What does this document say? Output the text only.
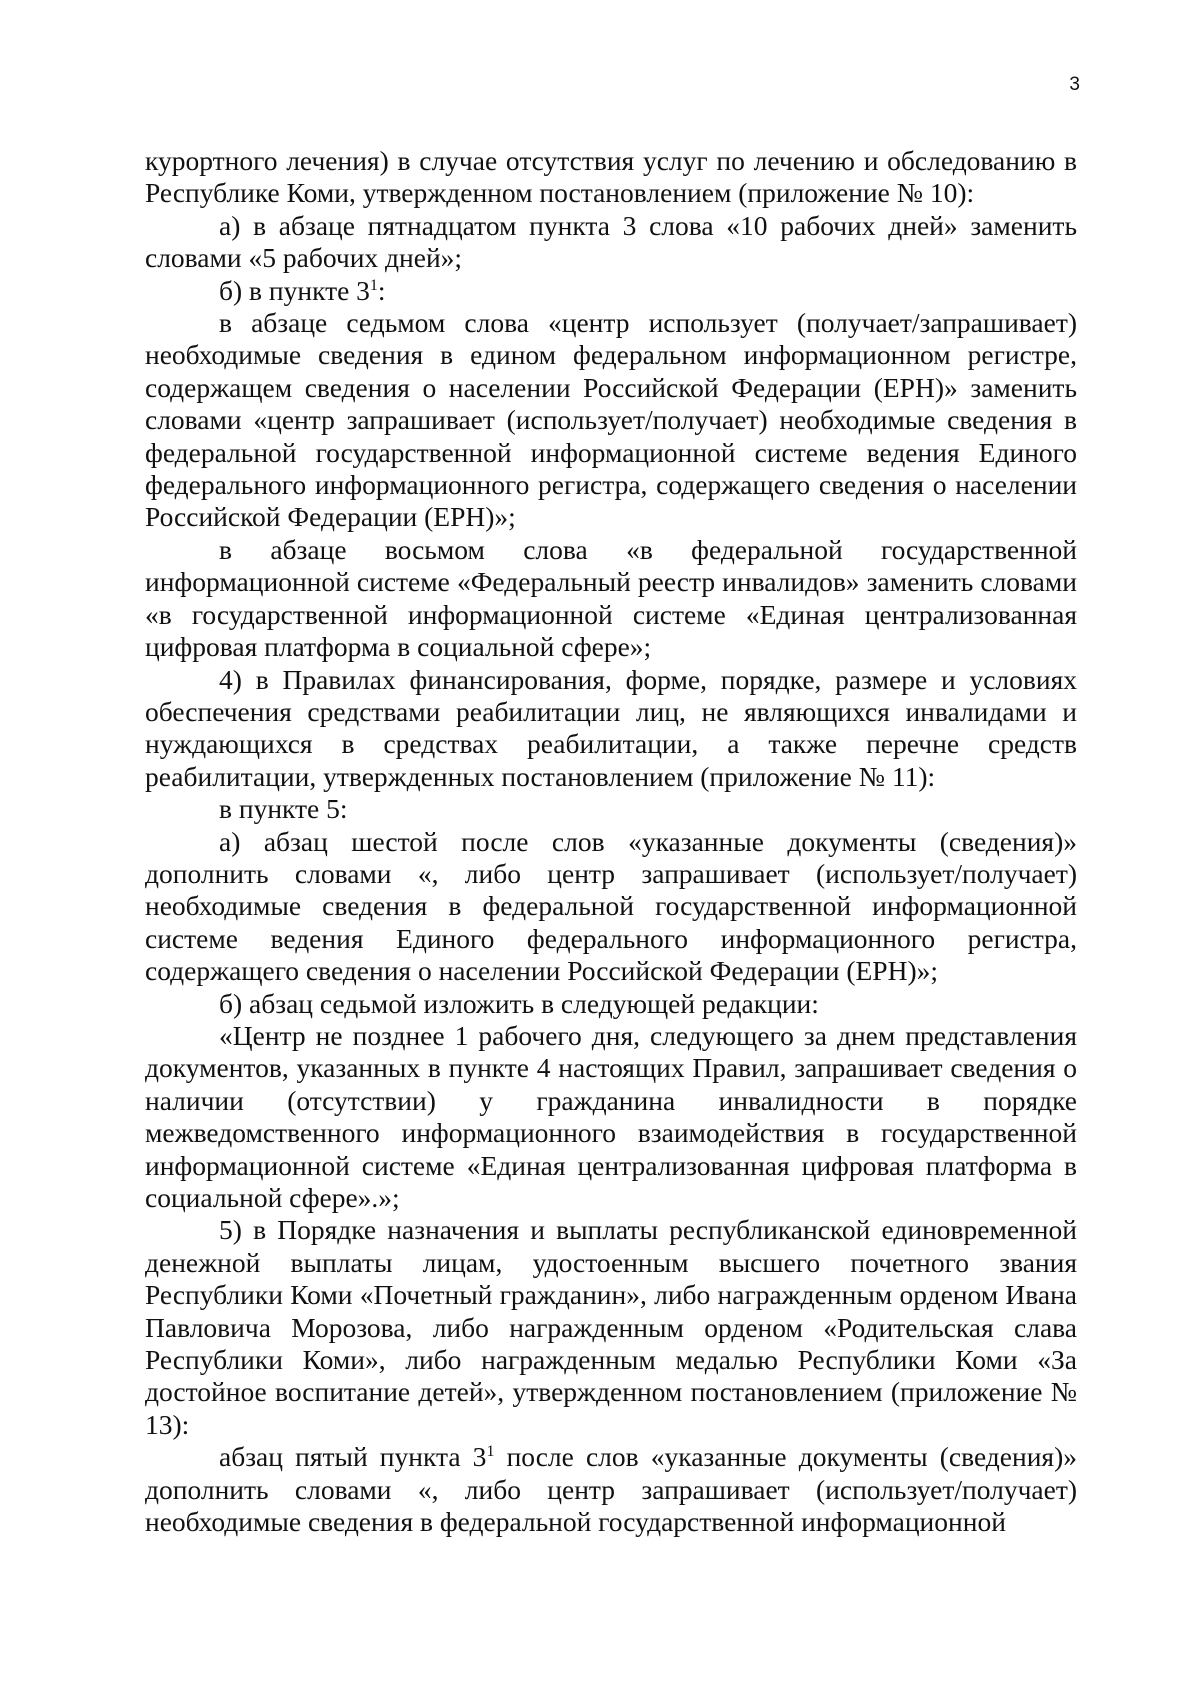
3

курортного лечения) в случае отсутствия услуг по лечению и обследованию в Республике Коми, утвержденном постановлением (приложение № 10):

а) в абзаце пятнадцатом пункта 3 слова «10 рабочих дней» заменить словами «5 рабочих дней»;

б) в пункте $3^1$:

в абзаце седьмом слова «центр использует (получает/запрашивает) необходимые сведения в едином федеральном информационном регистре, содержащем сведения о населении Российской Федерации (ЕРН)» заменить словами «центр запрашивает (использует/получает) необходимые сведения в федеральной государственной информационной системе ведения Единого федерального информационного регистра, содержащего сведения о населении Российской Федерации (ЕРН)»;

в абзаце восьмом слова «в федеральной государственной информационной системе «Федеральный реестр инвалидов» заменить словами «в государственной информационной системе «Единая централизованная цифровая платформа в социальной сфере»;

4) в Правилах финансирования, форме, порядке, размере и условиях обеспечения средствами реабилитации лиц, не являющихся инвалидами и нуждающихся в средствах реабилитации, а также перечне средств реабилитации, утвержденных постановлением (приложение № 11):

в пункте 5:

а) абзац шестой после слов «указанные документы (сведения)» дополнить словами «, либо центр запрашивает (использует/получает) необходимые сведения в федеральной государственной информационной системе ведения Единого федерального информационного регистра, содержащего сведения о населении Российской Федерации (ЕРН)»;

б) абзац седьмой изложить в следующей редакции:

«Центр не позднее 1 рабочего дня, следующего за днем представления документов, указанных в пункте 4 настоящих Правил, запрашивает сведения о наличии (отсутствии) у гражданина инвалидности в порядке межведомственного информационного взаимодействия в государственной информационной системе «Единая централизованная цифровая платформа в социальной сфере».»;

5) в Порядке назначения и выплаты республиканской единовременной денежной выплаты лицам, удостоенным высшего почетного звания Республики Коми «Почетный гражданин», либо награжденным орденом Ивана Павловича Морозова, либо награжденным орденом «Родительская слава Республики Коми», либо награжденным медалью Республики Коми «За достойное воспитание детей», утвержденном постановлением (приложение № 13):

абзац пятый пункта $3^1$ после слов «указанные документы (сведения)» дополнить словами «, либо центр запрашивает (использует/получает) необходимые сведения в федеральной государственной информационной
